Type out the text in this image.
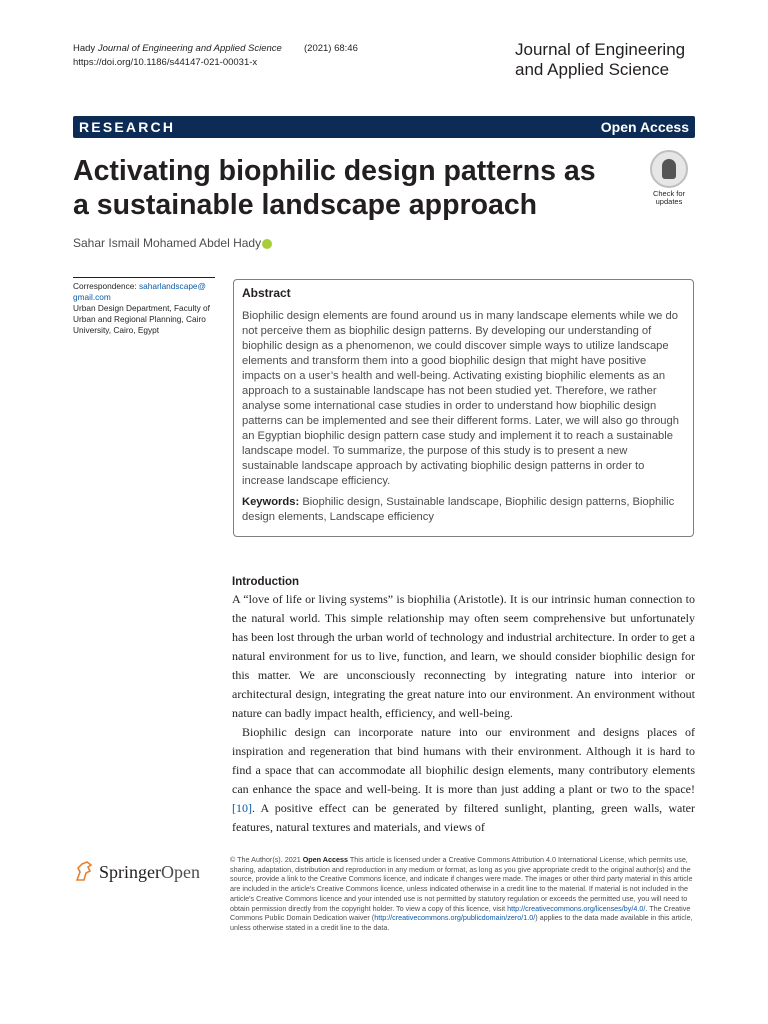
Hady Journal of Engineering and Applied Science
https://doi.org/10.1186/s44147-021-00031-x
(2021) 68:46	Journal of Engineering
and Applied Science
RESEARCH	Open Access
Activating biophilic design patterns as a sustainable landscape approach	Check for
updates
Sahar Ismail Mohamed Abdel Hady
Correspondence: saharlandscape@
gmail.com
Urban Design Department, Faculty of Urban and Regional Planning, Cairo University, Cairo, Egypt
Abstract

Biophilic design elements are found around us in many landscape elements while we do not perceive them as biophilic design patterns. By developing our understanding of biophilic design as a phenomenon, we could discover simple ways to utilize landscape elements and transform them into a good biophilic design that might have positive impacts on a user’s health and well-being. Activating existing biophilic elements as an approach to a sustainable landscape has not been studied yet. Therefore, we rather analyse some international case studies in order to understand how biophilic design patterns can be implemented and see their different forms. Later, we will also go through an Egyptian biophilic design pattern case study and implement it to reach a sustainable landscape model. To summarize, the purpose of this study is to present a new sustainable landscape approach by activating biophilic design patterns in order to increase landscape efficiency.

Keywords: Biophilic design, Sustainable landscape, Biophilic design patterns, Biophilic design elements, Landscape efficiency

Introduction

A “love of life or living systems” is biophilia (Aristotle). It is our intrinsic human connection to the natural world. This simple relationship may often seem comprehensive but unfortunately has been lost through the urban world of technology and industrial architecture. In order to get a natural environment for us to live, function, and learn, we should consider biophilic design for this matter. We are unconsciously reconnecting by integrating nature into interior or architectural design, integrating the great nature into our environment. An environment without nature can badly impact health, efficiency, and well-being.

Biophilic design can incorporate nature into our environment and designs places of inspiration and regeneration that bind humans with their environment. Although it is hard to find a space that can accommodate all biophilic design elements, many contributory elements can enhance the space and well-being. It is more than just adding a plant or two to the space! [10]. A positive effect can be generated by filtered sunlight, planting, green walls, water features, natural textures and materials, and views of

SpringerOpen
© The Author(s). 2021 Open Access This article is licensed under a Creative Commons Attribution 4.0 International License, which permits use, sharing, adaptation, distribution and reproduction in any medium or format, as long as you give appropriate credit to the original author(s) and the source, provide a link to the Creative Commons licence, and indicate if changes were made. The images or other third party material in this article are included in the article's Creative Commons licence, unless indicated otherwise in a credit line to the material. If material is not included in the article's Creative Commons licence and your intended use is not permitted by statutory regulation or exceeds the permitted use, you will need to obtain permission directly from the copyright holder. To view a copy of this licence, visit http://creativecommons.org/licenses/by/4.0/. The Creative Commons Public Domain Dedication waiver (http://creativecommons.org/publicdomain/zero/1.0/) applies to the data made available in this article, unless otherwise stated in a credit line to the data.
